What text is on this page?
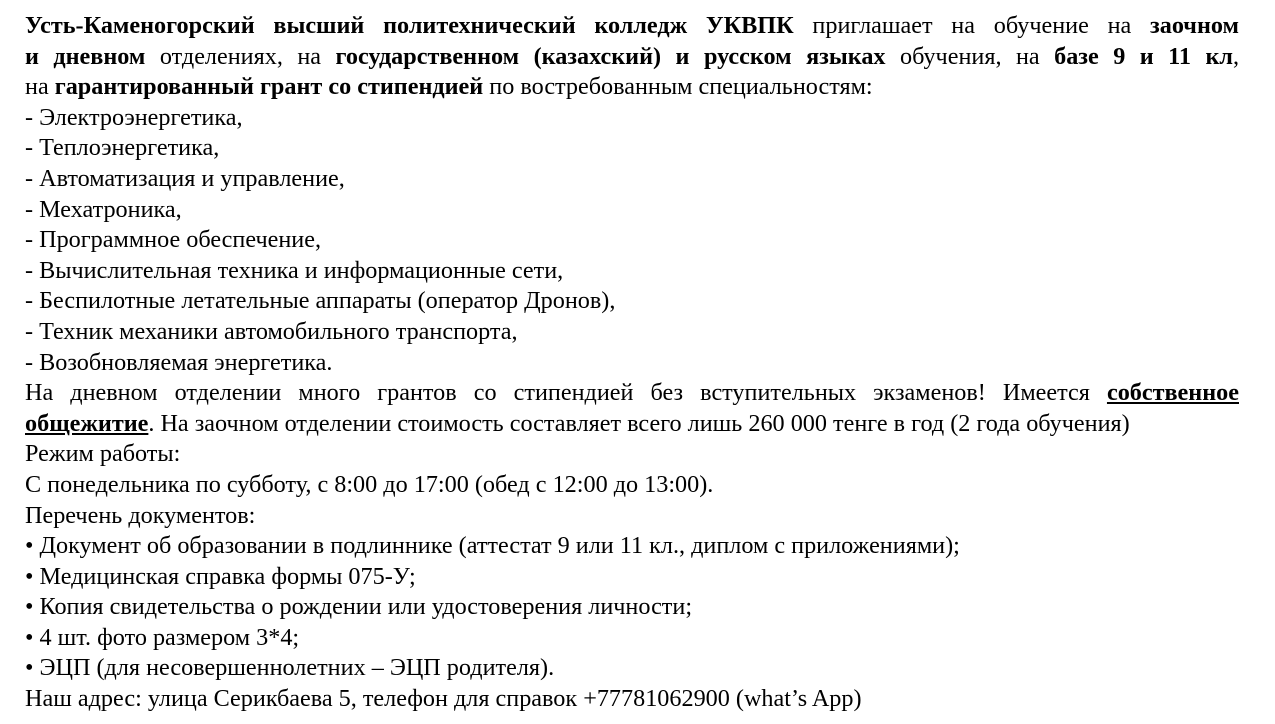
Усть-Каменогорский высший политехнический колледж УКВПК приглашает на обучение на заочном
и дневном отделениях, на государственном (казахский) и русском языках обучения, на базе 9 и 11 кл,
на гарантированный грант со стипендией по востребованным специальностям:
- Электроэнергетика,
- Теплоэнергетика,
- Автоматизация и управление,
- Мехатроника,
- Программное обеспечение,
- Вычислительная техника и информационные сети,
- Беспилотные летательные аппараты (оператор Дронов),
- Техник механики автомобильного транспорта,
- Возобновляемая энергетика.
На дневном отделении много грантов со стипендией без вступительных экзаменов! Имеется собственное
общежитие. На заочном отделении стоимость составляет всего лишь 260 000 тенге в год (2 года обучения)
Режим работы:
С понедельника по субботу, с 8:00 до 17:00 (обед с 12:00 до 13:00).
Перечень документов:
• Документ об образовании в подлиннике (аттестат 9 или 11 кл., диплом с приложениями);
• Медицинская справка формы 075-У;
• Копия свидетельства о рождении или удостоверения личности;
• 4 шт. фото размером 3*4;
• ЭЦП (для несовершеннолетних – ЭЦП родителя).
Наш адрес: улица Серикбаева 5, телефон для справок +77781062900 (what’s App)
